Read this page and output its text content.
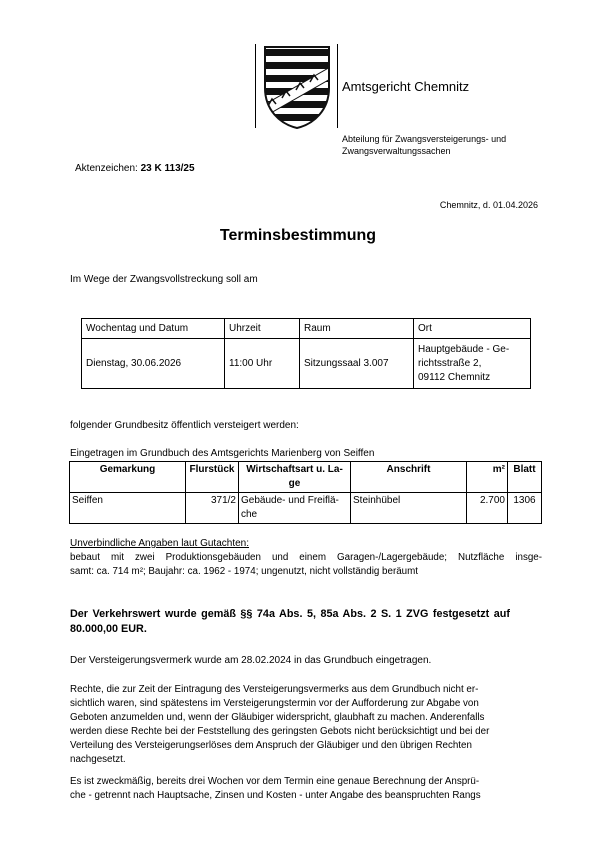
Amtsgericht Chemnitz
Abteilung für Zwangsversteigerungs- und
Zwangsverwaltungssachen
Aktenzeichen: 23 K 113/25
Chemnitz, d. 01.04.2026
Terminsbestimmung
Im Wege der Zwangsvollstreckung soll am
Wochentag und Datum	Uhrzeit	Raum	Ort
Dienstag, 30.06.2026	11:00 Uhr	Sitzungssaal 3.007	Hauptgebäude - Ge-
richtsstraße 2,
09112 Chemnitz
folgender Grundbesitz öffentlich versteigert werden:
Eingetragen im Grundbuch des Amtsgerichts Marienberg von Seiffen
Gemarkung	Flurstück	Wirtschaftsart u. La-
ge	Anschrift	m²	Blatt
Seiffen	371/2	Gebäude- und Freiflä-
che	Steinhübel	2.700	1306
Unverbindliche Angaben laut Gutachten:
bebaut mit zwei Produktionsgebäuden und einem Garagen-/Lagergebäude; Nutzfläche insge-
samt: ca. 714 m²; Baujahr: ca. 1962 - 1974; ungenutzt, nicht vollständig beräumt
Der Verkehrswert wurde gemäß §§ 74a Abs. 5, 85a Abs. 2 S. 1 ZVG festgesetzt auf
80.000,00 EUR.
Der Versteigerungsvermerk wurde am 28.02.2024 in das Grundbuch eingetragen.
Rechte, die zur Zeit der Eintragung des Versteigerungsvermerks aus dem Grundbuch nicht er-
sichtlich waren, sind spätestens im Versteigerungstermin vor der Aufforderung zur Abgabe von
Geboten anzumelden und, wenn der Gläubiger widerspricht, glaubhaft zu machen. Anderenfalls
werden diese Rechte bei der Feststellung des geringsten Gebots nicht berücksichtigt und bei der
Verteilung des Versteigerungserlöses dem Anspruch der Gläubiger und den übrigen Rechten
nachgesetzt.
Es ist zweckmäßig, bereits drei Wochen vor dem Termin eine genaue Berechnung der Ansprü-
che - getrennt nach Hauptsache, Zinsen und Kosten - unter Angabe des beanspruchten Rangs
